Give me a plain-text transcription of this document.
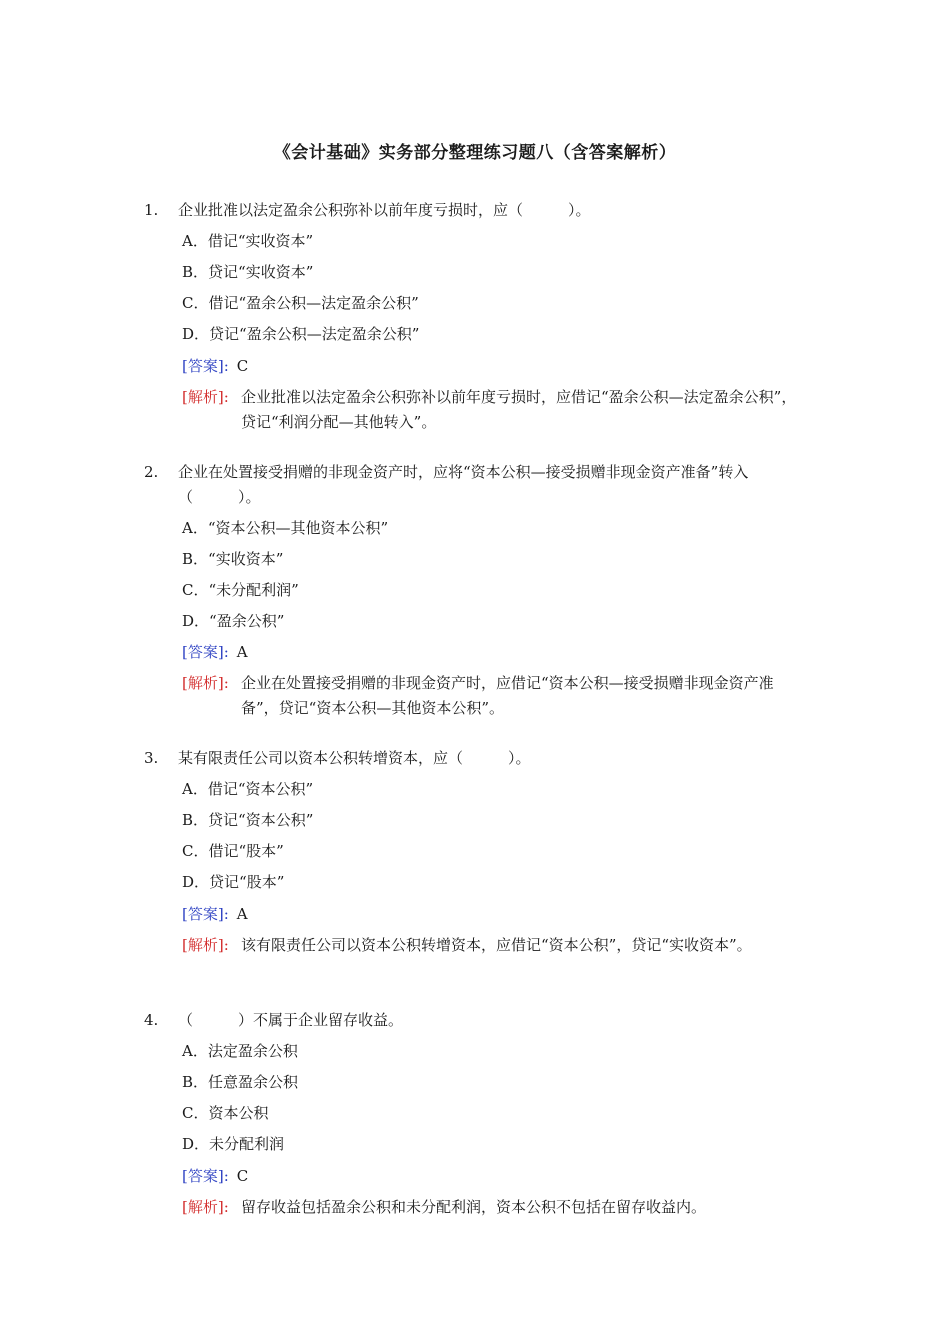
《会计基础》实务部分整理练习题八（含答案解析）
1. 企业批准以法定盈余公积弥补以前年度亏损时，应（　　　）。
A．借记“实收资本”
B．贷记“实收资本”
C．借记“盈余公积—法定盈余公积”
D．贷记“盈余公积—法定盈余公积”
[答案]: C
[解析]: 企业批准以法定盈余公积弥补以前年度亏损时，应借记“盈余公积—法定盈余公积”，贷记“利润分配—其他转入”。
2. 企业在处置接受捐赠的非现金资产时，应将“资本公积—接受损赠非现金资产准备”转入（　　　）。
A．“资本公积—其他资本公积”
B．“实收资本”
C．“未分配利润”
D．“盈余公积”
[答案]: A
[解析]: 企业在处置接受捐赠的非现金资产时，应借记“资本公积—接受损赠非现金资产准备”，贷记“资本公积—其他资本公积”。
3. 某有限责任公司以资本公积转增资本，应（　　　）。
A．借记“资本公积”
B．贷记“资本公积”
C．借记“股本”
D．贷记“股本”
[答案]: A
[解析]: 该有限责任公司以资本公积转增资本，应借记“资本公积”，贷记“实收资本”。
4. （　　　）不属于企业留存收益。
A．法定盈余公积
B．任意盈余公积
C．资本公积
D．未分配利润
[答案]: C
[解析]: 留存收益包括盈余公积和未分配利润，资本公积不包括在留存收益内。
